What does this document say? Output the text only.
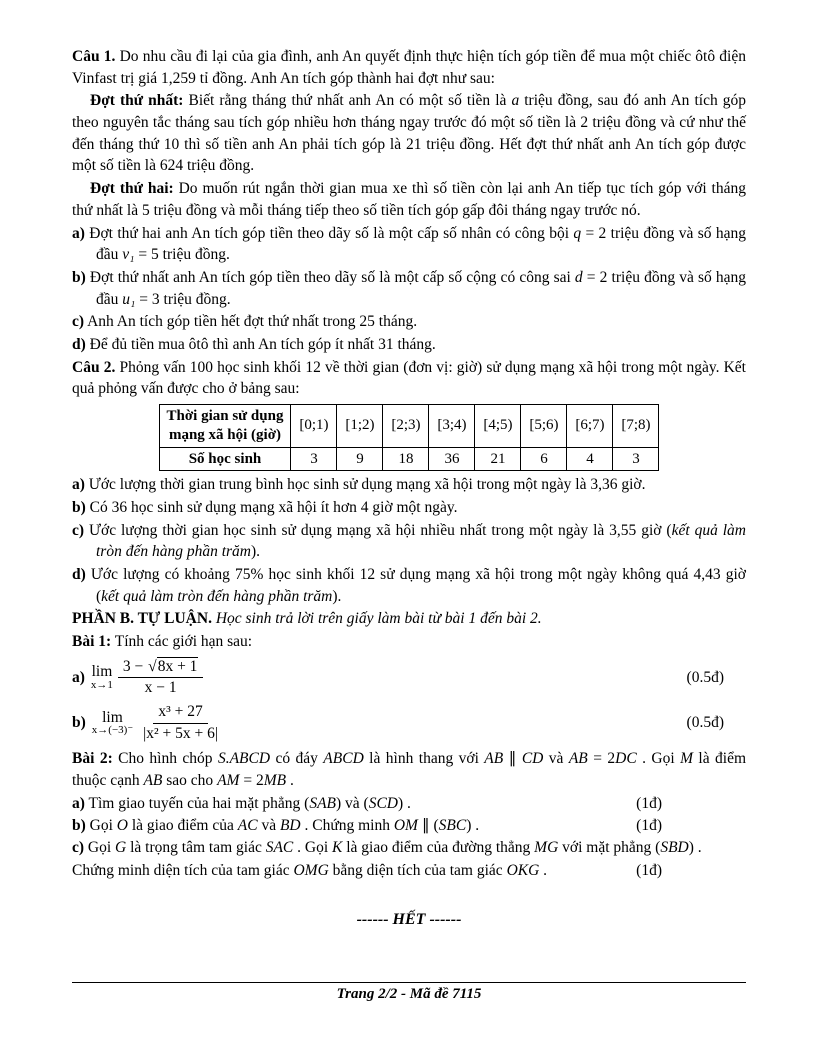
Câu 1. Do nhu cầu đi lại của gia đình, anh An quyết định thực hiện tích góp tiền để mua một chiếc ôtô điện Vinfast trị giá 1,259 tỉ đồng. Anh An tích góp thành hai đợt như sau:

Đợt thứ nhất: Biết rằng tháng thứ nhất anh An có một số tiền là a triệu đồng, sau đó anh An tích góp theo nguyên tắc tháng sau tích góp nhiều hơn tháng ngay trước đó một số tiền là 2 triệu đồng và cứ như thế đến tháng thứ 10 thì số tiền anh An phải tích góp là 21 triệu đồng. Hết đợt thứ nhất anh An tích góp được một số tiền là 624 triệu đồng.

Đợt thứ hai: Do muốn rút ngắn thời gian mua xe thì số tiền còn lại anh An tiếp tục tích góp với tháng thứ nhất là 5 triệu đồng và mỗi tháng tiếp theo số tiền tích góp gấp đôi tháng ngay trước nó.

a) Đợt thứ hai anh An tích góp tiền theo dãy số là một cấp số nhân có công bội q = 2 triệu đồng và số hạng đầu v₁ = 5 triệu đồng.

b) Đợt thứ nhất anh An tích góp tiền theo dãy số là một cấp số cộng có công sai d = 2 triệu đồng và số hạng đầu u₁ = 3 triệu đồng.

c) Anh An tích góp tiền hết đợt thứ nhất trong 25 tháng.

d) Để đủ tiền mua ôtô thì anh An tích góp ít nhất 31 tháng.

Câu 2. Phỏng vấn 100 học sinh khối 12 về thời gian (đơn vị: giờ) sử dụng mạng xã hội trong một ngày. Kết quả phỏng vấn được cho ở bảng sau:

Thời gian sử dụng
mạng xã hội (giờ)	[0;1)	[1;2)	[2;3)	[3;4)	[4;5)	[5;6)	[6;7)	[7;8)
Số học sinh	3	9	18	36	21	6	4	3

a) Ước lượng thời gian trung bình học sinh sử dụng mạng xã hội trong một ngày là 3,36 giờ.

b) Có 36 học sinh sử dụng mạng xã hội ít hơn 4 giờ một ngày.

c) Ước lượng thời gian học sinh sử dụng mạng xã hội nhiều nhất trong một ngày là 3,55 giờ (kết quả làm tròn đến hàng phần trăm).

d) Ước lượng có khoảng 75% học sinh khối 12 sử dụng mạng xã hội trong một ngày không quá 4,43 giờ (kết quả làm tròn đến hàng phần trăm).

PHẦN B. TỰ LUẬN. Học sinh trả lời trên giấy làm bài từ bài 1 đến bài 2.

Bài 1: Tính các giới hạn sau:

a) lim
$x\to 1 \frac{3 - √8x + 1}{x - 1}$	(0.5đ)
b) lim
$x\to(-3)^- \frac{\text{x³ + 27}}{\text{|x² + 5x + 6|}}$	(0.5đ)

Bài 2: Cho hình chóp S.ABCD có đáy ABCD là hình thang với AB ∥ CD và AB = 2DC . Gọi M là điểm thuộc cạnh AB sao cho AM = 2MB .

a) Tìm giao tuyến của hai mặt phẳng (SAB) và (SCD) .	(1đ)
b) Gọi O là giao điểm của AC và BD . Chứng minh OM ∥ (SBC) .	(1đ)

c) Gọi G là trọng tâm tam giác SAC . Gọi K là giao điểm của đường thẳng MG với mặt phẳng (SBD) .

Chứng minh diện tích của tam giác OMG bằng diện tích của tam giác OKG .	(1đ)
------ HẾT ------
Trang 2/2 - Mã đề 7115
